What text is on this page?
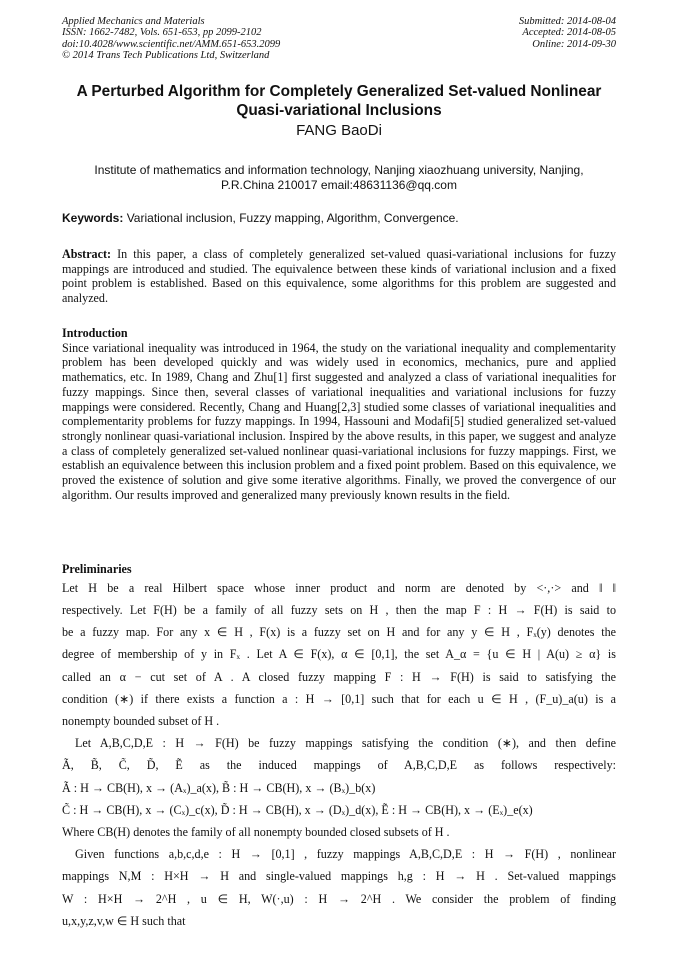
Applied Mechanics and Materials
ISSN: 1662-7482, Vols. 651-653, pp 2099-2102
doi:10.4028/www.scientific.net/AMM.651-653.2099
© 2014 Trans Tech Publications Ltd, Switzerland
Submitted: 2014-08-04
Accepted: 2014-08-05
Online: 2014-09-30
A Perturbed Algorithm for Completely Generalized Set-valued Nonlinear
Quasi-variational Inclusions
FANG BaoDi
Institute of mathematics and information technology, Nanjing xiaozhuang university, Nanjing,
P.R.China 210017 email:48631136@qq.com
Keywords: Variational inclusion, Fuzzy mapping, Algorithm, Convergence.
Abstract: In this paper, a class of completely generalized set-valued quasi-variational inclusions for fuzzy mappings are introduced and studied. The equivalence between these kinds of variational inclusion and a fixed point problem is established. Based on this equivalence, some algorithms for this problem are suggested and analyzed.
Introduction
Since variational inequality was introduced in 1964, the study on the variational inequality and complementarity problem has been developed quickly and was widely used in economics, mechanics, pure and applied mathematics, etc. In 1989, Chang and Zhu[1] first suggested and analyzed a class of variational inequalities for fuzzy mappings. Since then, several classes of variational inequalities and variational inclusions for fuzzy mappings were considered. Recently, Chang and Huang[2,3] studied some classes of variational inequalities and complementarity problems for fuzzy mappings. In 1994, Hassouni and Modafi[5] studied generalized set-valued strongly nonlinear quasi-variational inclusion. Inspired by the above results, in this paper, we suggest and analyze a class of completely generalized set-valued nonlinear quasi-variational inclusions for fuzzy mappings. First, we establish an equivalence between this inclusion problem and a fixed point problem. Based on this equivalence, we proved the existence of solution and give some iterative algorithms. Finally, we proved the convergence of our algorithm. Our results improved and generalized many previously known results in the field.
Preliminaries
Let H be a real Hilbert space whose inner product and norm are denoted by <·,·> and ‖ ‖
respectively. Let F(H) be a family of all fuzzy sets on H , then the map F : H → F(H) is said to
be a fuzzy map. For any x ∈ H , F(x) is a fuzzy set on H and for any y ∈ H , Fₓ(y) denotes the
degree of membership of y in Fₓ . Let A ∈ F(x), α ∈ [0,1], the set A_α = {u ∈ H | A(u) ≥ α} is
called an α − cut set of A . A closed fuzzy mapping F : H → F(H) is said to satisfying the
condition (∗) if there exists a function a : H → [0,1] such that for each u ∈ H , (F_u)_a(u) is a
nonempty bounded subset of H .
Let A,B,C,D,E : H → F(H) be fuzzy mappings satisfying the condition (∗), and then define
Ã, B̃, C̃, D̃, Ẽ as the induced mappings of A,B,C,D,E as follows respectively:
Ã : H → CB(H), x → (Aₓ)_a(x), B̃ : H → CB(H), x → (Bₓ)_b(x)
C̃ : H → CB(H), x → (Cₓ)_c(x), D̃ : H → CB(H), x → (Dₓ)_d(x), Ẽ : H → CB(H), x → (Eₓ)_e(x)
Where CB(H) denotes the family of all nonempty bounded closed subsets of H .
Given functions a,b,c,d,e : H → [0,1] , fuzzy mappings A,B,C,D,E : H → F(H) , nonlinear
mappings N,M : H×H → H and single-valued mappings h,g : H → H . Set-valued mappings
W : H×H → 2^H , u ∈ H, W(·,u) : H → 2^H . We consider the problem of finding
u,x,y,z,v,w ∈ H such that
